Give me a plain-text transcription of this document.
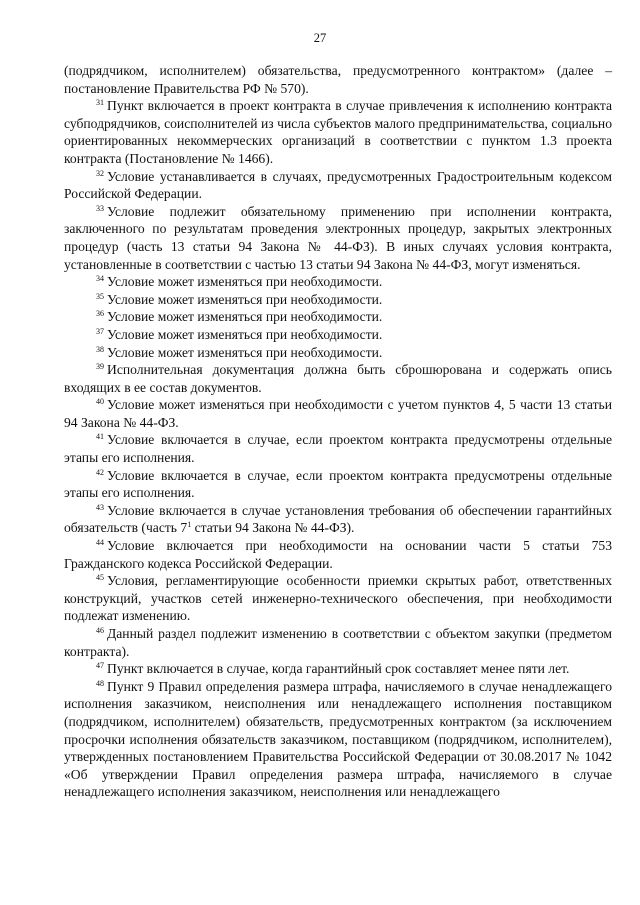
27

(подрядчиком, исполнителем) обязательства, предусмотренного контрактом» (далее – постановление Правительства РФ № 570).

$^{31}$ Пункт включается в проект контракта в случае привлечения к исполнению контракта субподрядчиков, соисполнителей из числа субъектов малого предпринимательства, социально ориентированных некоммерческих организаций в соответствии с пунктом 1.3 проекта контракта (Постановление № 1466).

$^{32}$ Условие устанавливается в случаях, предусмотренных Градостроительным кодексом Российской Федерации.

$^{33}$ Условие подлежит обязательному применению при исполнении контракта, заключенного по результатам проведения электронных процедур, закрытых электронных процедур (часть 13 статьи 94 Закона № 44-ФЗ). В иных случаях условия контракта, установленные в соответствии с частью 13 статьи 94 Закона № 44-ФЗ, могут изменяться.

$^{34}$ Условие может изменяться при необходимости.

$^{35}$ Условие может изменяться при необходимости.

$^{36}$ Условие может изменяться при необходимости.

$^{37}$ Условие может изменяться при необходимости.

$^{38}$ Условие может изменяться при необходимости.

$^{39}$ Исполнительная документация должна быть сброшюрована и содержать опись входящих в ее состав документов.

$^{40}$ Условие может изменяться при необходимости с учетом пунктов 4, 5 части 13 статьи 94 Закона № 44-ФЗ.

$^{41}$ Условие включается в случае, если проектом контракта предусмотрены отдельные этапы его исполнения.

$^{42}$ Условие включается в случае, если проектом контракта предусмотрены отдельные этапы его исполнения.

$^{43}$ Условие включается в случае установления требования об обеспечении гарантийных обязательств (часть $7^1$ статьи 94 Закона № 44-ФЗ).

$^{44}$ Условие включается при необходимости на основании части 5 статьи 753 Гражданского кодекса Российской Федерации.

$^{45}$ Условия, регламентирующие особенности приемки скрытых работ, ответственных конструкций, участков сетей инженерно-технического обеспечения, при необходимости подлежат изменению.

$^{46}$ Данный раздел подлежит изменению в соответствии с объектом закупки (предметом контракта).

$^{47}$ Пункт включается в случае, когда гарантийный срок составляет менее пяти лет.

$^{48}$ Пункт 9 Правил определения размера штрафа, начисляемого в случае ненадлежащего исполнения заказчиком, неисполнения или ненадлежащего исполнения поставщиком (подрядчиком, исполнителем) обязательств, предусмотренных контрактом (за исключением просрочки исполнения обязательств заказчиком, поставщиком (подрядчиком, исполнителем), утвержденных постановлением Правительства Российской Федерации от 30.08.2017 № 1042 «Об утверждении Правил определения размера штрафа, начисляемого в случае ненадлежащего исполнения заказчиком, неисполнения или ненадлежащего
